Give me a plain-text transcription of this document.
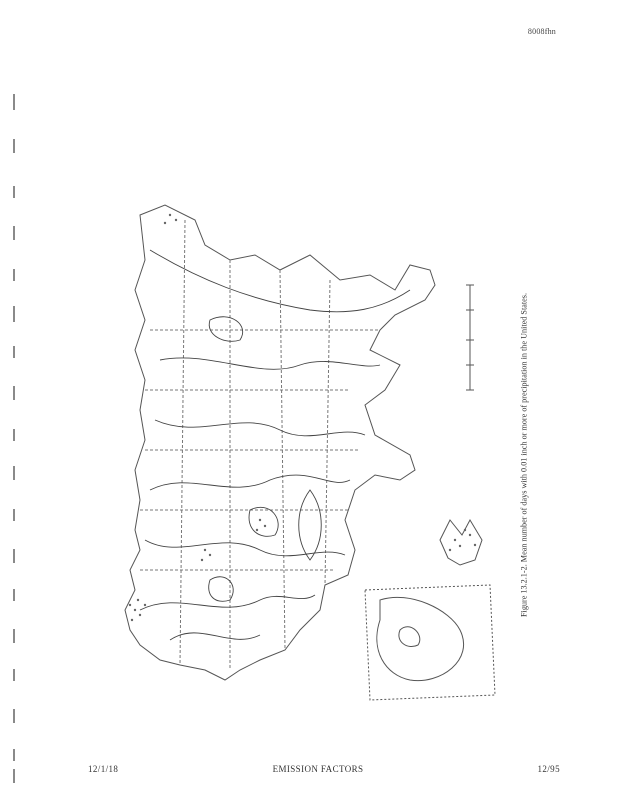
8008fhn
Figure 13.2.1-2. Mean number of days with 0.01 inch or more of precipitation in the United States.
12/1/18	EMISSION FACTORS	12/95
